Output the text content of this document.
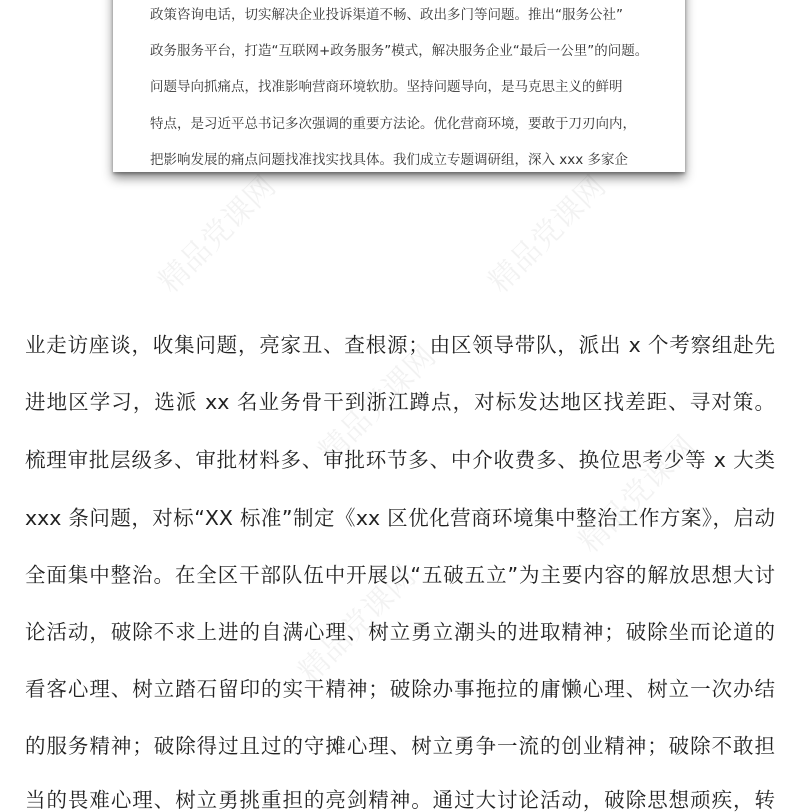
精品党课网	精品党课网
精品党课网
精品党课网
精品党课网
政策咨询电话，切实解决企业投诉渠道不畅、政出多门等问题。推出“服务公社”
政务服务平台，打造“互联网+政务服务”模式，解决服务企业“最后一公里”的问题。
问题导向抓痛点，找准影响营商环境软肋。坚持问题导向，是马克思主义的鲜明
特点，是习近平总书记多次强调的重要方法论。优化营商环境，要敢于刀刃向内，
把影响发展的痛点问题找准找实找具体。我们成立专题调研组，深入 xxx 多家企
业走访座谈，收集问题，亮家丑、查根源；由区领导带队，派出 x 个考察组赴先
进地区学习，选派 xx 名业务骨干到浙江蹲点，对标发达地区找差距、寻对策。
梳理审批层级多、审批材料多、审批环节多、中介收费多、换位思考少等 x 大类
xxx 条问题，对标“XX 标准”制定《xx 区优化营商环境集中整治工作方案》，启动
全面集中整治。在全区干部队伍中开展以“五破五立”为主要内容的解放思想大讨
论活动，破除不求上进的自满心理、树立勇立潮头的进取精神；破除坐而论道的
看客心理、树立踏石留印的实干精神；破除办事拖拉的庸懒心理、树立一次办结
的服务精神；破除得过且过的守摊心理、树立勇争一流的创业精神；破除不敢担
当的畏难心理、树立勇挑重担的亮剑精神。通过大讨论活动，破除思想顽疾，转
